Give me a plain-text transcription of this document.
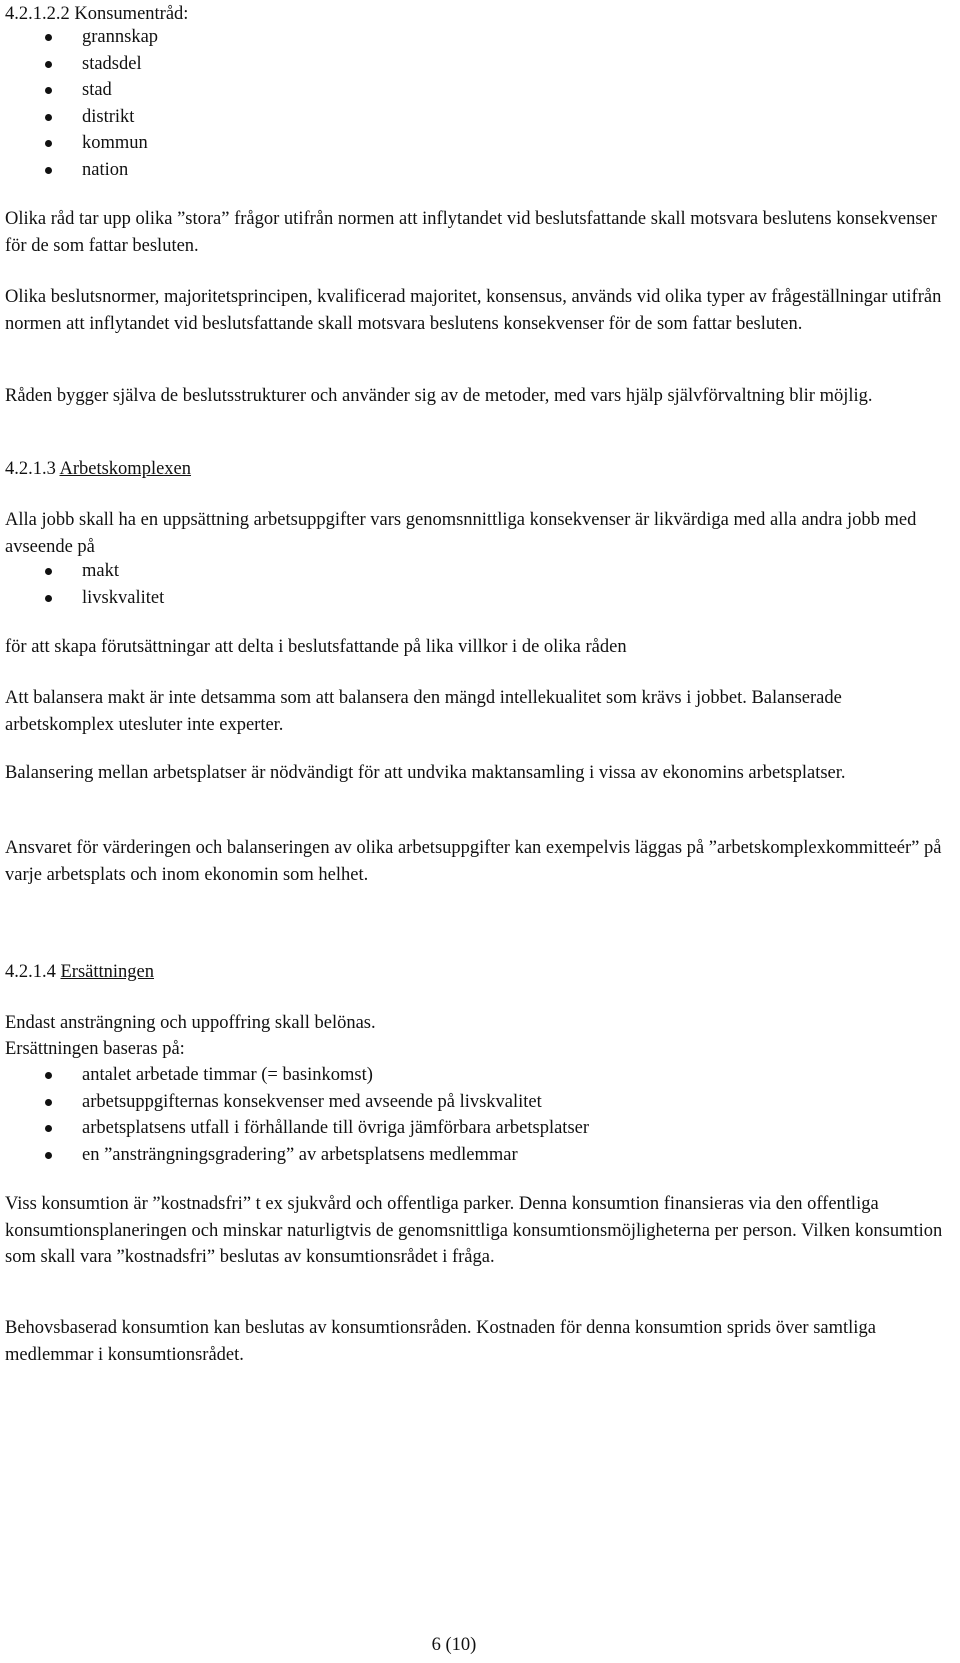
4.2.1.2.2 Konsumentråd:

grannskap
stadsdel
stad
distrikt
kommun
nation

Olika råd tar upp olika ”stora” frågor utifrån normen att inflytandet vid beslutsfattande skall motsvara beslutens konsekvenser för de som fattar besluten.

Olika beslutsnormer, majoritetsprincipen, kvalificerad majoritet, konsensus, används vid olika typer av frågeställningar utifrån normen att inflytandet vid beslutsfattande skall motsvara beslutens konsekvenser för de som fattar besluten.

Råden bygger själva de beslutsstrukturer och använder sig av de metoder, med vars hjälp självförvaltning blir möjlig.

4.2.1.3 Arbetskomplexen

Alla jobb skall ha en uppsättning arbetsuppgifter vars genomsnnittliga konsekvenser är likvärdiga med alla andra jobb med avseende på

makt
livskvalitet

för att skapa förutsättningar att delta i beslutsfattande på lika villkor i de olika råden

Att balansera makt är inte detsamma som att balansera den mängd intellekualitet som krävs i jobbet. Balanserade arbetskomplex utesluter inte experter.

Balansering mellan arbetsplatser är nödvändigt för att undvika maktansamling i vissa av ekonomins arbetsplatser.

Ansvaret för värderingen och balanseringen av olika arbetsuppgifter kan exempelvis läggas på ”arbetskomplexkommitteér” på varje arbetsplats och inom ekonomin som helhet.

4.2.1.4 Ersättningen

Endast ansträngning och uppoffring skall belönas.

Ersättningen baseras på:

antalet arbetade timmar (= basinkomst)
arbetsuppgifternas konsekvenser med avseende på livskvalitet
arbetsplatsens utfall i förhållande till övriga jämförbara arbetsplatser
en ”ansträngningsgradering” av arbetsplatsens medlemmar

Viss konsumtion är ”kostnadsfri” t ex sjukvård och offentliga parker. Denna konsumtion finansieras via den offentliga konsumtionsplaneringen och minskar naturligtvis de genomsnittliga konsumtionsmöjligheterna per person. Vilken konsumtion som skall vara ”kostnadsfri” beslutas av konsumtionsrådet i fråga.

Behovsbaserad konsumtion kan beslutas av konsumtionsråden. Kostnaden för denna konsumtion sprids över samtliga medlemmar i konsumtionsrådet.

6 (10)
